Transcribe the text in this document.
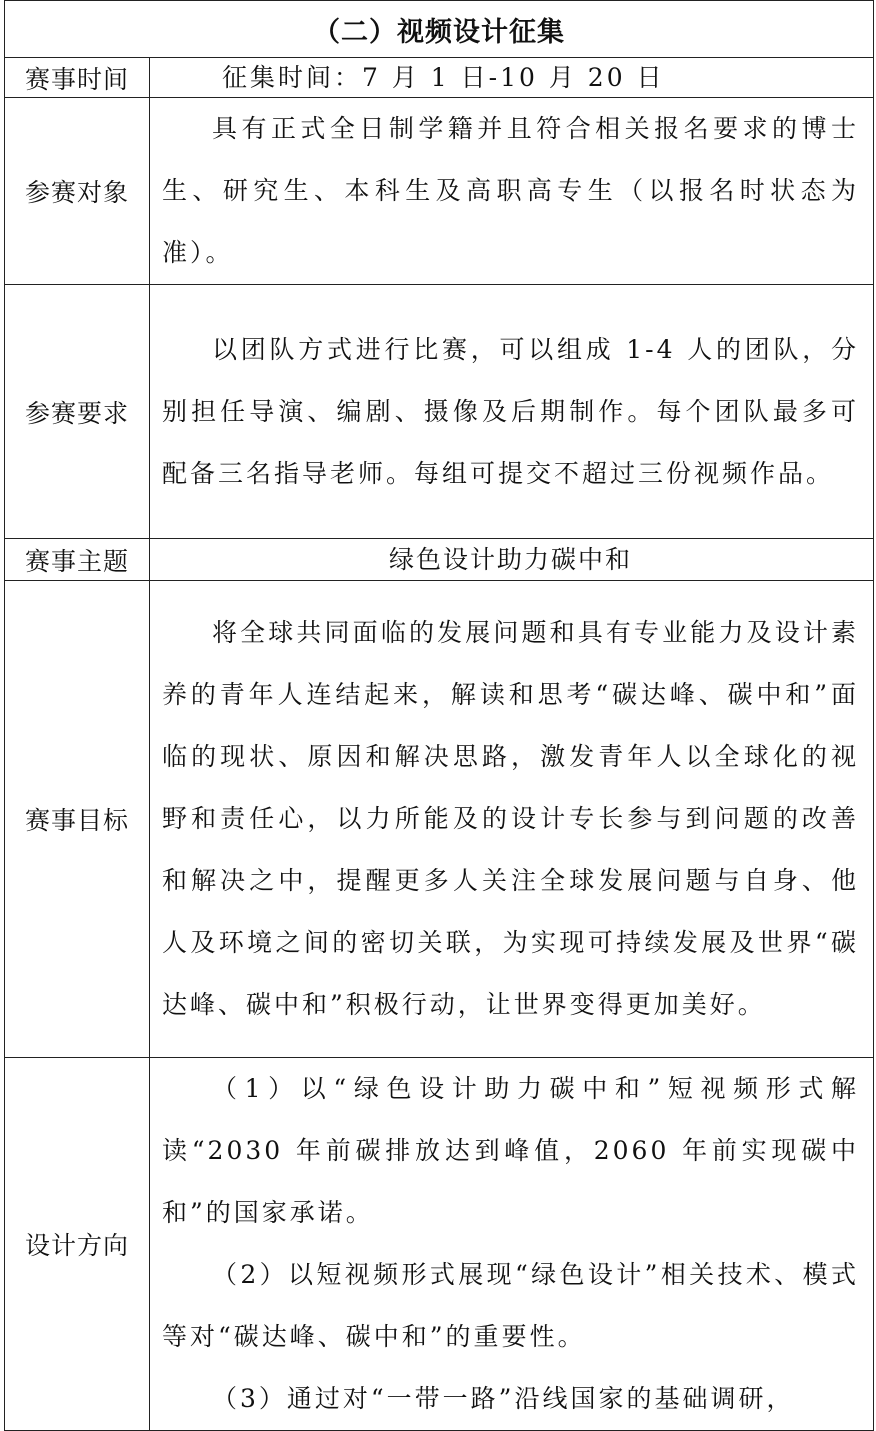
（二）视频设计征集	
赛事时间	征集时间：7 月 1 日-10 月 20 日

参赛对象	具有正式全日制学籍并且符合相关报名要求的博士生、研究生、本科生及高职高专生（以报名时状态为准）。

参赛要求	以团队方式进行比赛，可以组成 1-4 人的团队，分别担任导演、编剧、摄像及后期制作。每个团队最多可配备三名指导老师。每组可提交不超过三份视频作品。

赛事主题	绿色设计助力碳中和

赛事目标	将全球共同面临的发展问题和具有专业能力及设计素养的青年人连结起来，解读和思考“碳达峰、碳中和”面临的现状、原因和解决思路，激发青年人以全球化的视野和责任心，以力所能及的设计专长参与到问题的改善和解决之中，提醒更多人关注全球发展问题与自身、他人及环境之间的密切关联，为实现可持续发展及世界“碳达峰、碳中和”积极行动，让世界变得更加美好。

设计方向	（1）以“绿色设计助力碳中和”短视频形式解读“2030 年前碳排放达到峰值，2060 年前实现碳中和”的国家承诺。

（2）以短视频形式展现“绿色设计”相关技术、模式等对“碳达峰、碳中和”的重要性。

（3）通过对“一带一路”沿线国家的基础调研，
